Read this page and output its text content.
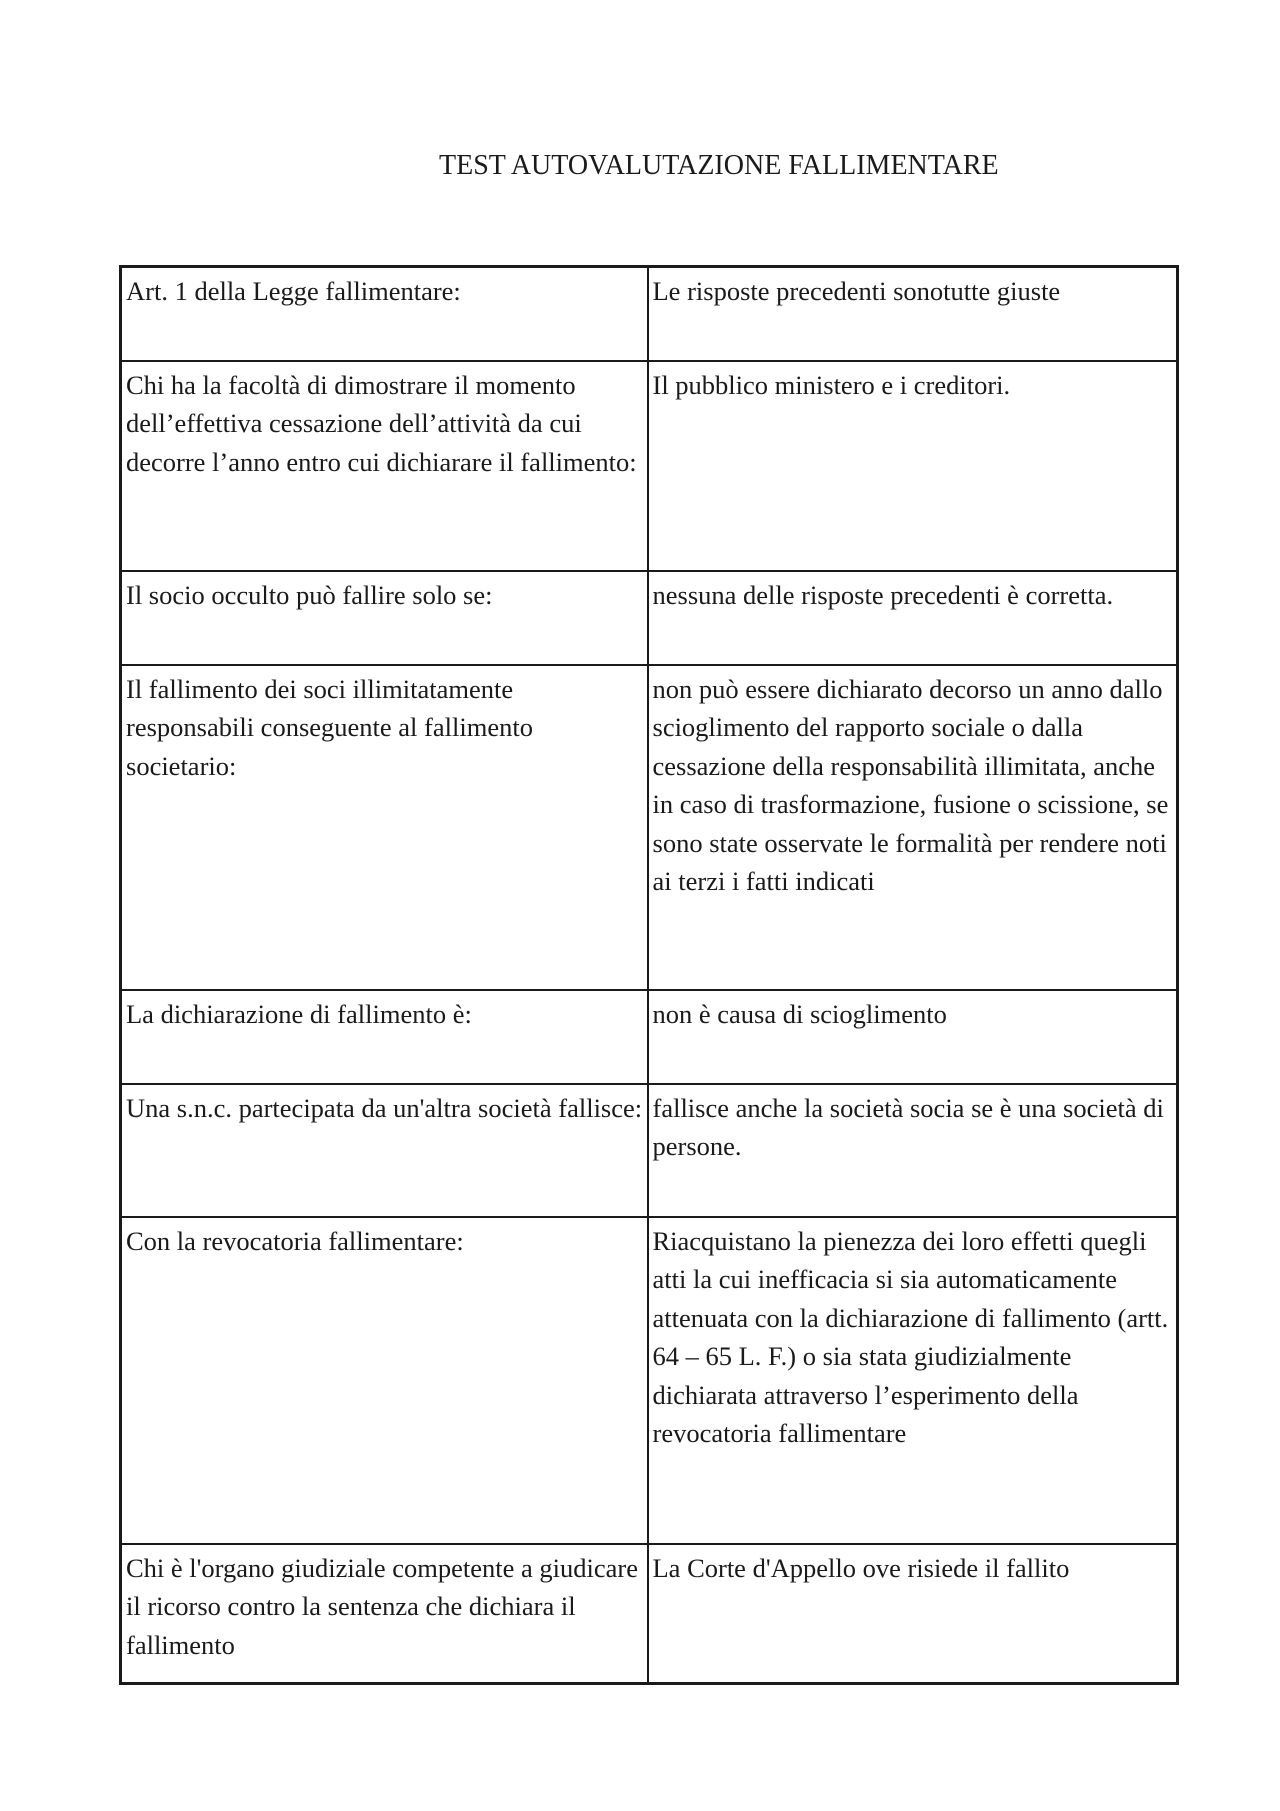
TEST AUTOVALUTAZIONE FALLIMENTARE
Art. 1 della Legge fallimentare:	Le risposte precedenti sonotutte giuste
Chi ha la facoltà di dimostrare il momento dell’effettiva cessazione dell’attività da cui decorre l’anno entro cui dichiarare il fallimento:	Il pubblico ministero e i creditori.
Il socio occulto può fallire solo se:	nessuna delle risposte precedenti è corretta.
Il fallimento dei soci illimitatamente responsabili conseguente al fallimento societario:	non può essere dichiarato decorso un anno dallo scioglimento del rapporto sociale o dalla cessazione della responsabilità illimitata, anche in caso di trasformazione, fusione o scissione, se sono state osservate le formalità per rendere noti ai terzi i fatti indicati
La dichiarazione di fallimento è:	non è causa di scioglimento
Una s.n.c. partecipata da un'altra società fallisce:	fallisce anche la società socia se è una società di persone.
Con la revocatoria fallimentare:	Riacquistano la pienezza dei loro effetti quegli atti la cui inefficacia si sia automaticamente attenuata con la dichiarazione di fallimento (artt. 64 – 65 L. F.) o sia stata giudizialmente dichiarata attraverso l’esperimento della revocatoria fallimentare
Chi è l'organo giudiziale competente a giudicare il ricorso contro la sentenza che dichiara il fallimento	La Corte d'Appello ove risiede il fallito
